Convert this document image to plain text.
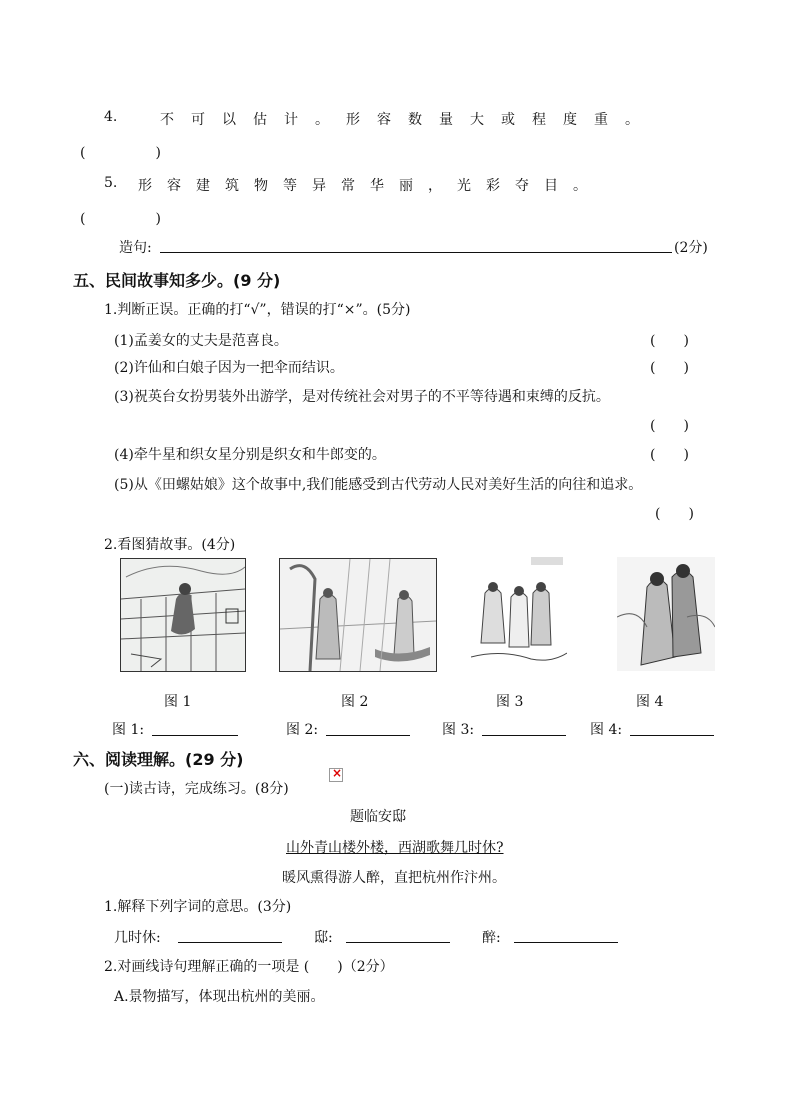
4.	不可以估计。形容数量大或程度重。
(　　　　　)
5. 形容建筑物等异常华丽，光彩夺目。
(　　　　　)
造句:	(2分)
五、民间故事知多少。(9 分)
1.判断正误。正确的打“√”，错误的打“×”。(5分)
(1)孟姜女的丈夫是范喜良。	(　　)
(2)许仙和白娘子因为一把伞而结识。	(　　)
(3)祝英台女扮男装外出游学，是对传统社会对男子的不平等待遇和束缚的反抗。
(　　)
(4)牵牛星和织女星分别是织女和牛郎变的。	(　　)
(5)从《田螺姑娘》这个故事中,我们能感受到古代劳动人民对美好生活的向往和追求。
(　　)
2.看图猜故事。(4分)
图 1	图 2	图 3	图 4
图 1:	图 2:	图 3:	图 4:
六、阅读理解。(29 分)
(一)读古诗，完成练习。(8分)
×
题临安邸
山外青山楼外楼，西湖歌舞几时休?
暖风熏得游人醉，直把杭州作汴州。
1.解释下列字词的意思。(3分)
几时休:	邸:	醉:
2.对画线诗句理解正确的一项是 (　　)（2分）
A.景物描写，体现出杭州的美丽。
